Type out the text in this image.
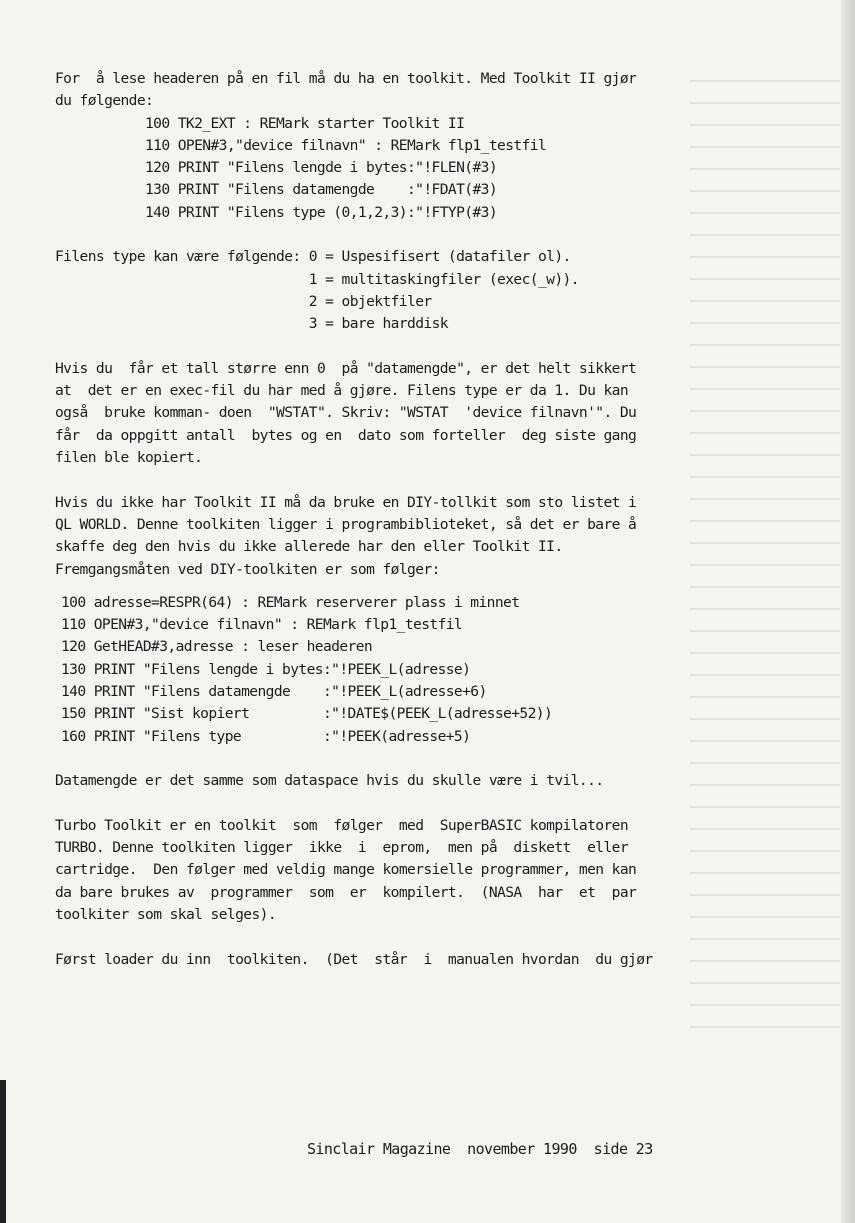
For  å lese headeren på en fil må du ha en toolkit. Med Toolkit II gjør
du følgende:
100 TK2_EXT : REMark starter Toolkit II
110 OPEN#3,"device filnavn" : REMark flp1_testfil
120 PRINT "Filens lengde i bytes:"!FLEN(#3)
130 PRINT "Filens datamengde    :"!FDAT(#3)
140 PRINT "Filens type (0,1,2,3):"!FTYP(#3)
Filens type kan være følgende: 0 = Uspesifisert (datafiler ol).
1 = multitaskingfiler (exec(_w)).
2 = objektfiler
3 = bare harddisk
Hvis du  får et tall større enn 0  på "datamengde", er det helt sikkert
at  det er en exec-fil du har med å gjøre. Filens type er da 1. Du kan
også  bruke komman- doen  "WSTAT". Skriv: "WSTAT  'device filnavn'". Du
får  da oppgitt antall  bytes og en  dato som forteller  deg siste gang
filen ble kopiert.
Hvis du ikke har Toolkit II må da bruke en DIY-tollkit som sto listet i
QL WORLD. Denne toolkiten ligger i programbiblioteket, så det er bare å
skaffe deg den hvis du ikke allerede har den eller Toolkit II.
Fremgangsmåten ved DIY-toolkiten er som følger:
100 adresse=RESPR(64) : REMark reserverer plass i minnet
110 OPEN#3,"device filnavn" : REMark flp1_testfil
120 GetHEAD#3,adresse : leser headeren
130 PRINT "Filens lengde i bytes:"!PEEK_L(adresse)
140 PRINT "Filens datamengde    :"!PEEK_L(adresse+6)
150 PRINT "Sist kopiert         :"!DATE$(PEEK_L(adresse+52))
160 PRINT "Filens type          :"!PEEK(adresse+5)
Datamengde er det samme som dataspace hvis du skulle være i tvil...
Turbo Toolkit er en toolkit  som  følger  med  SuperBASIC kompilatoren
TURBO. Denne toolkiten ligger  ikke  i  eprom,  men på  diskett  eller
cartridge.  Den følger med veldig mange komersielle programmer, men kan
da bare brukes av  programmer  som  er  kompilert.  (NASA  har  et  par
toolkiter som skal selges).
Først loader du inn  toolkiten.  (Det  står  i  manualen hvordan  du gjør
Sinclair Magazine  november 1990  side 23
